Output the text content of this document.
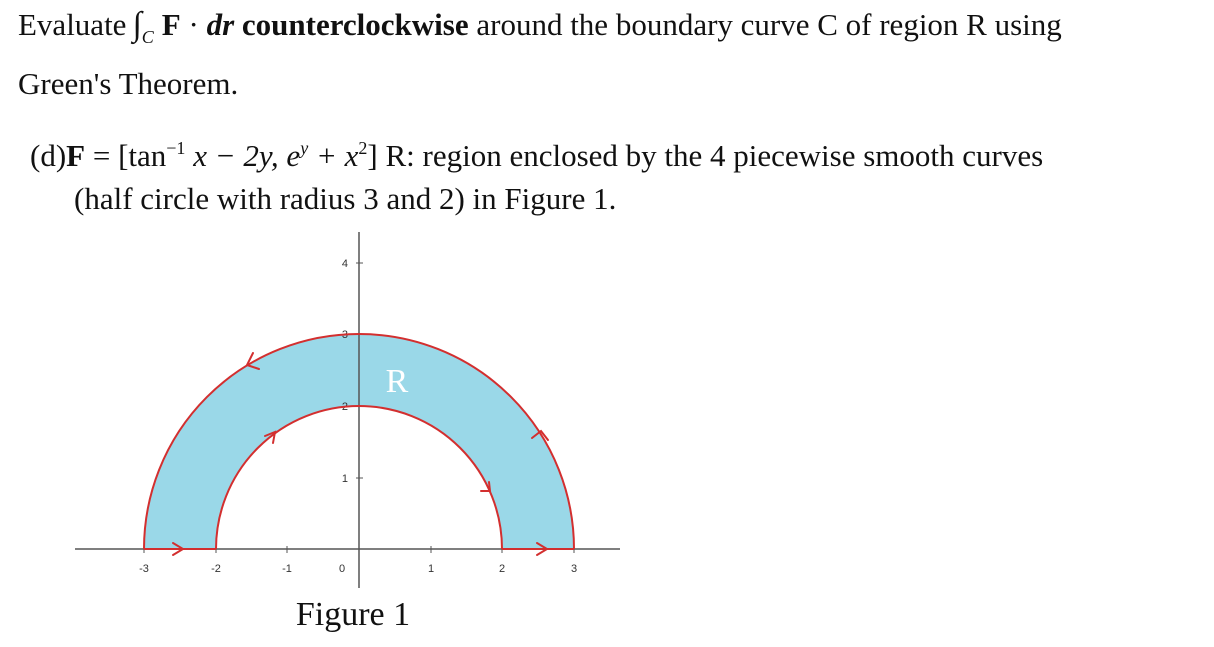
Evaluate $\int_C$ F · dr counterclockwise around the boundary curve C of region R using
Green's Theorem.
$(d)F = [\tan^{-1}$ x − 2y, $e^y + x^2$] R: region enclosed by the 4 piecewise smooth curves
(half circle with radius 3 and 2) in Figure 1.
-3	-2	-1	0	1	2	3
1
2
3
4
R
Figure 1
